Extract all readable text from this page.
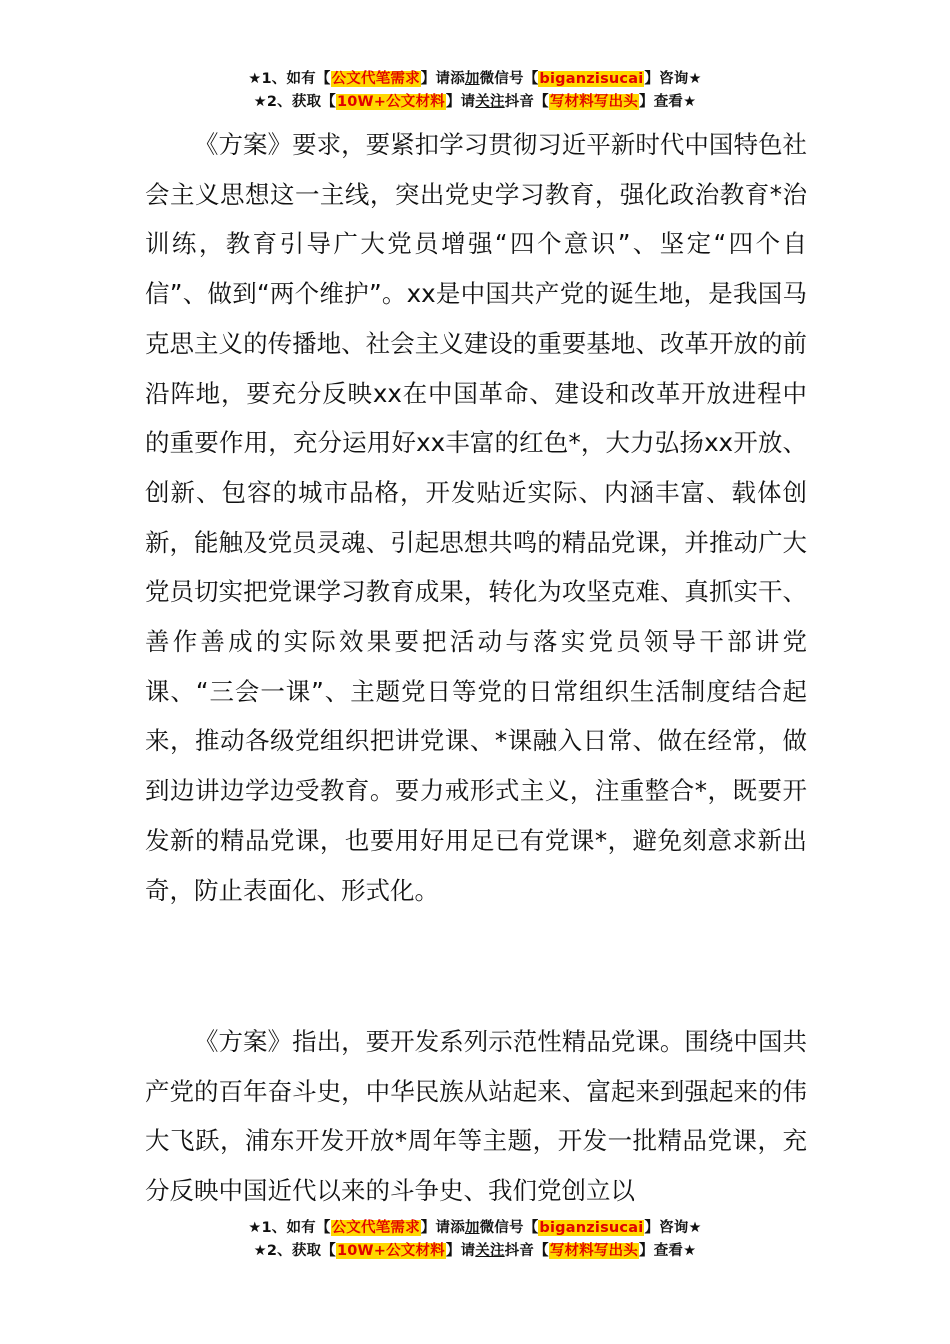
★1、如有【公文代笔需求】请添加微信号【biganzisucai】咨询★
★2、获取【10W+公文材料】请关注抖音【写材料写出头】查看★

《方案》要求，要紧扣学习贯彻习近平新时代中国特色社会主义思想这一主线，突出党史学习教育，强化政治教育*治训练，教育引导广大党员增强“四个意识”、坚定“四个自信”、做到“两个维护”。xx是中国共产党的诞生地，是我国马克思主义的传播地、社会主义建设的重要基地、改革开放的前沿阵地，要充分反映xx在中国革命、建设和改革开放进程中的重要作用，充分运用好xx丰富的红色*，大力弘扬xx开放、创新、包容的城市品格，开发贴近实际、内涵丰富、载体创新，能触及党员灵魂、引起思想共鸣的精品党课，并推动广大党员切实把党课学习教育成果，转化为攻坚克难、真抓实干、善作善成的实际效果要把活动与落实党员领导干部讲党课、“三会一课”、主题党日等党的日常组织生活制度结合起来，推动各级党组织把讲党课、*课融入日常、做在经常，做到边讲边学边受教育。要力戒形式主义，注重整合*，既要开发新的精品党课，也要用好用足已有党课*，避免刻意求新出奇，防止表面化、形式化。

《方案》指出，要开发系列示范性精品党课。围绕中国共产党的百年奋斗史，中华民族从站起来、富起来到强起来的伟大飞跃，浦东开发开放*周年等主题，开发一批精品党课，充分反映中国近代以来的斗争史、我们党创立以

★1、如有【公文代笔需求】请添加微信号【biganzisucai】咨询★
★2、获取【10W+公文材料】请关注抖音【写材料写出头】查看★
